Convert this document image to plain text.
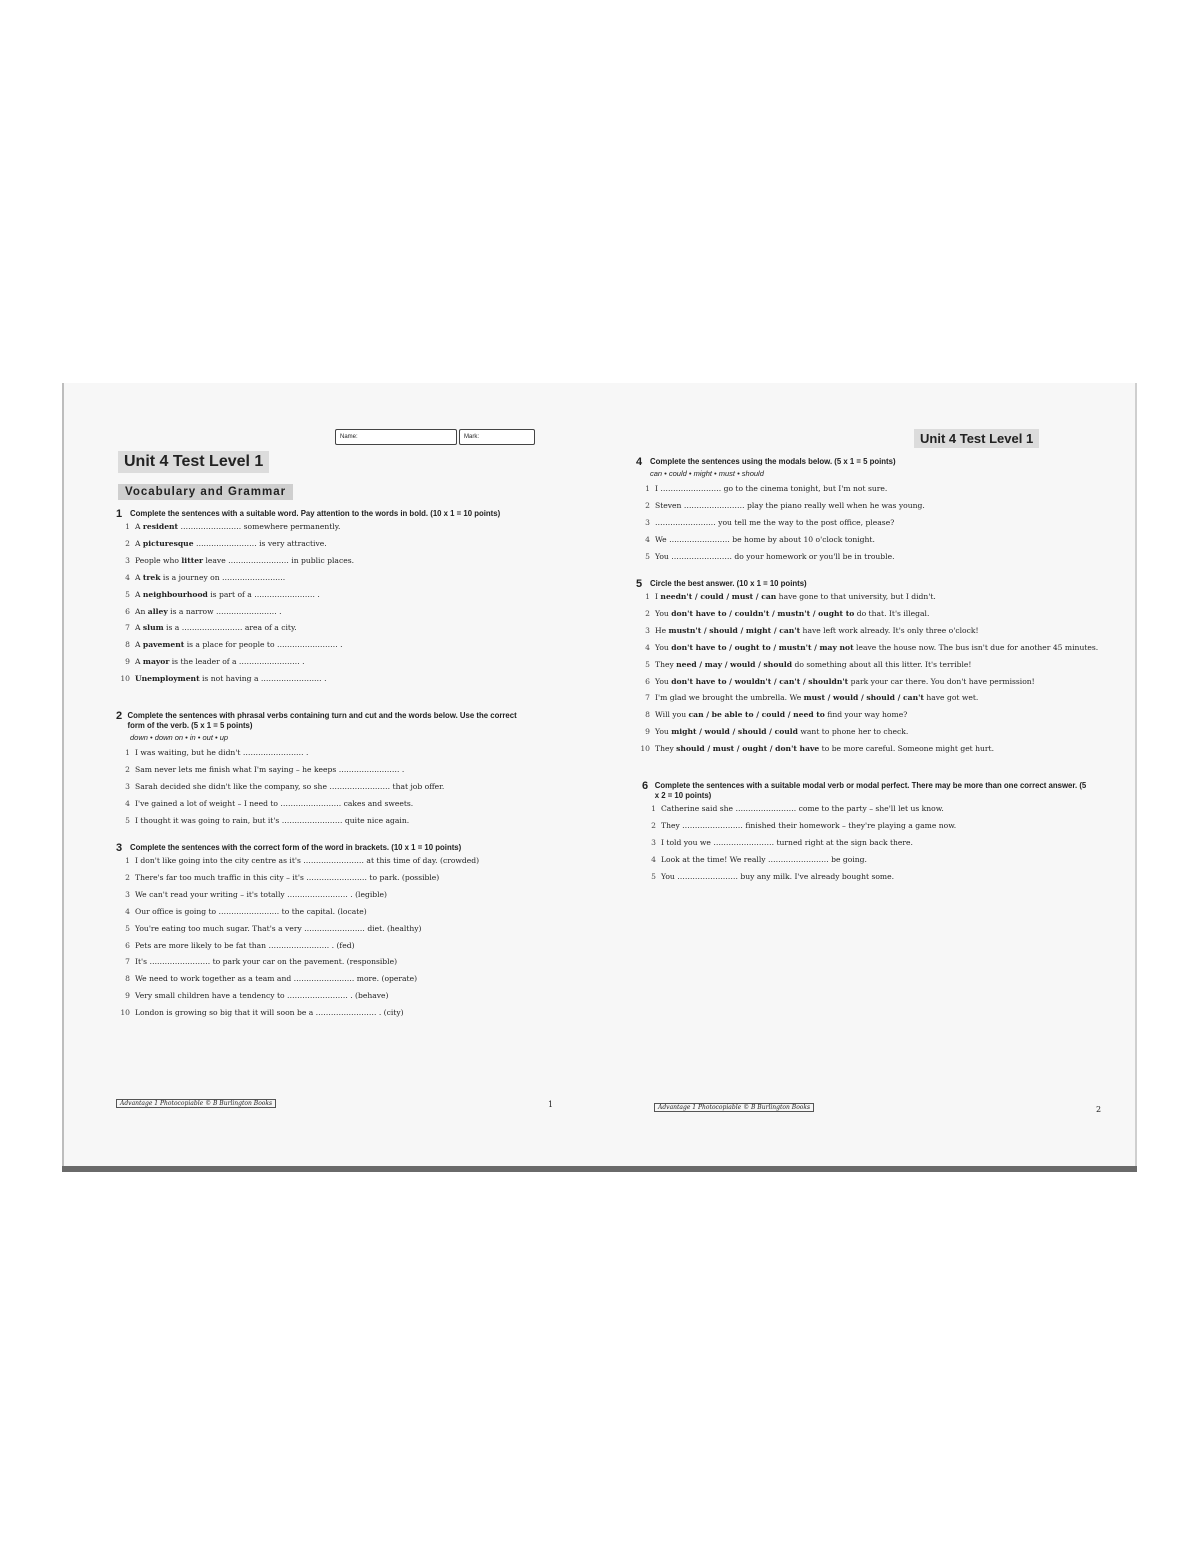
Name:	Mark:
Unit 4 Test Level 1
Vocabulary and Grammar
1	Complete the sentences with a suitable word. Pay attention to the words in bold. (10 x 1 = 10 points)
1 A resident …………………… somewhere permanently.
2 A picturesque …………………… is very attractive.
3 People who litter leave …………………… in public places.
4 A trek is a journey on …………………….
5 A neighbourhood is part of a …………………… .
6 An alley is a narrow …………………… .
7 A slum is a …………………… area of a city.
8 A pavement is a place for people to …………………… .
9 A mayor is the leader of a …………………… .
10 Unemployment is not having a …………………… .
2 Complete the sentences with phrasal verbs containing turn and cut and the words below. Use the correct form of the verb. (5 x 1 = 5 points)
down • down on • in • out • up
1 I was waiting, but he didn't …………………… .
2 Sam never lets me finish what I'm saying – he keeps …………………… .
3 Sarah decided she didn't like the company, so she …………………… that job offer.
4 I've gained a lot of weight – I need to …………………… cakes and sweets.
5 I thought it was going to rain, but it's …………………… quite nice again.
3	Complete the sentences with the correct form of the word in brackets. (10 x 1 = 10 points)
1 I don't like going into the city centre as it's …………………… at this time of day. (crowded)
2 There's far too much traffic in this city – it's …………………… to park. (possible)
3 We can't read your writing – it's totally …………………… . (legible)
4 Our office is going to …………………… to the capital. (locate)
5 You're eating too much sugar. That's a very …………………… diet. (healthy)
6 Pets are more likely to be fat than …………………… . (fed)
7 It's …………………… to park your car on the pavement. (responsible)
8 We need to work together as a team and …………………… more. (operate)
9 Very small children have a tendency to …………………… . (behave)
10 London is growing so big that it will soon be a …………………… . (city)
Advantage 1 Photocopiable © B Burlington Books	1
Unit 4 Test Level 1
4	Complete the sentences using the modals below. (5 x 1 = 5 points)
can • could • might • must • should
1 I …………………… go to the cinema tonight, but I'm not sure.
2 Steven …………………… play the piano really well when he was young.
3 …………………… you tell me the way to the post office, please?
4 We …………………… be home by about 10 o'clock tonight.
5 You …………………… do your homework or you'll be in trouble.
5	Circle the best answer. (10 x 1 = 10 points)
1 I needn't / could / must / can have gone to that university, but I didn't.
2 You don't have to / couldn't / mustn't / ought to do that. It's illegal.
3 He mustn't / should / might / can't have left work already. It's only three o'clock!
4 You don't have to / ought to / mustn't / may not leave the house now. The bus isn't due for another 45 minutes.
5 They need / may / would / should do something about all this litter. It's terrible!
6 You don't have to / wouldn't / can't / shouldn't park your car there. You don't have permission!
7 I'm glad we brought the umbrella. We must / would / should / can't have got wet.
8 Will you can / be able to / could / need to find your way home?
9 You might / would / should / could want to phone her to check.
10 They should / must / ought / don't have to be more careful. Someone might get hurt.
6 Complete the sentences with a suitable modal verb or modal perfect. There may be more than one correct answer. (5 x 2 = 10 points)
1 Catherine said she …………………… come to the party – she'll let us know.
2 They …………………… finished their homework – they're playing a game now.
3 I told you we …………………… turned right at the sign back there.
4 Look at the time! We really …………………… be going.
5 You …………………… buy any milk. I've already bought some.
Advantage 1 Photocopiable © B Burlington Books	2
